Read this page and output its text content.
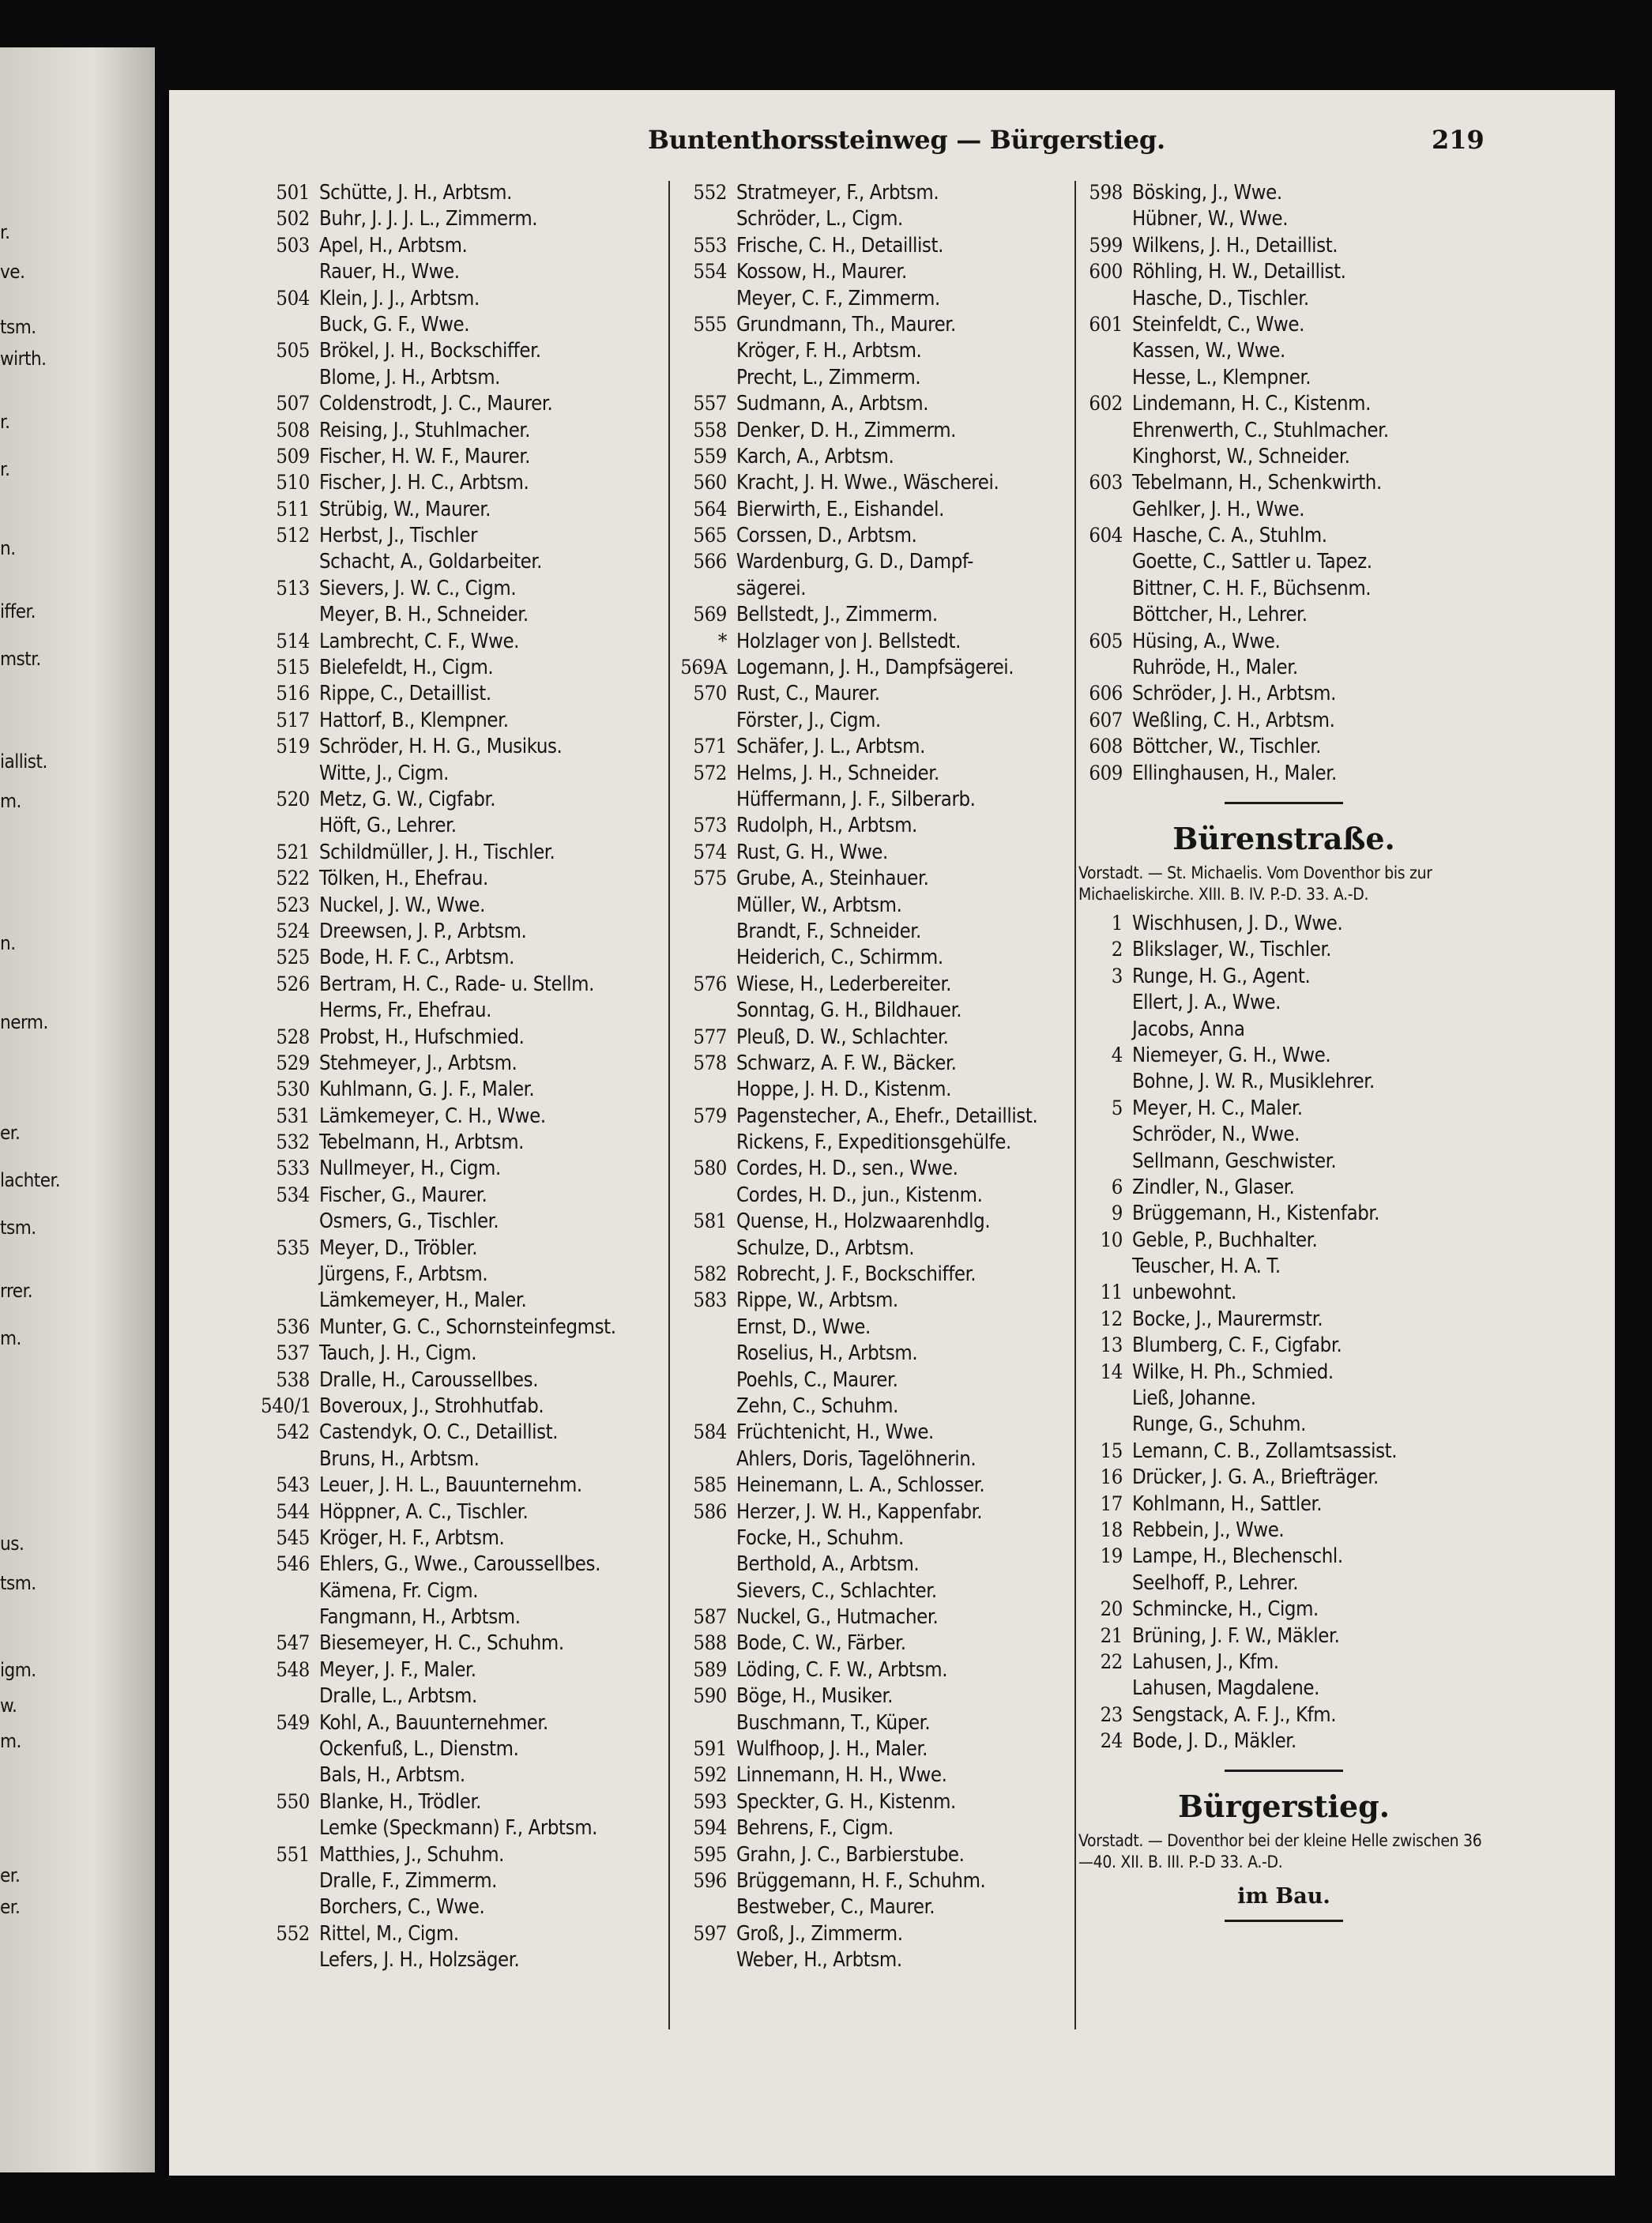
r.
ve.
tsm.
wirth.
r.
r.
n.
iffer.
mstr.
iallist.
m.
n.
nerm.
er.
lachter.
tsm.
rrer.
m.
us.
tsm.
igm.
w.
m.
er.
er.
Buntenthorssteinweg — Bürgerstieg.	219
501 Schütte, J. H., Arbtsm.
502 Buhr, J. J. J. L., Zimmerm.
503 Apel, H., Arbtsm.
Rauer, H., Wwe.
504 Klein, J. J., Arbtsm.
Buck, G. F., Wwe.
505 Brökel, J. H., Bockschiffer.
Blome, J. H., Arbtsm.
507 Coldenstrodt, J. C., Maurer.
508 Reising, J., Stuhlmacher.
509 Fischer, H. W. F., Maurer.
510 Fischer, J. H. C., Arbtsm.
511 Strübig, W., Maurer.
512 Herbst, J., Tischler
Schacht, A., Goldarbeiter.
513 Sievers, J. W. C., Cigm.
Meyer, B. H., Schneider.
514 Lambrecht, C. F., Wwe.
515 Bielefeldt, H., Cigm.
516 Rippe, C., Detaillist.
517 Hattorf, B., Klempner.
519 Schröder, H. H. G., Musikus.
Witte, J., Cigm.
520 Metz, G. W., Cigfabr.
Höft, G., Lehrer.
521 Schildmüller, J. H., Tischler.
522 Tölken, H., Ehefrau.
523 Nuckel, J. W., Wwe.
524 Dreewsen, J. P., Arbtsm.
525 Bode, H. F. C., Arbtsm.
526 Bertram, H. C., Rade- u. Stellm.
Herms, Fr., Ehefrau.
528 Probst, H., Hufschmied.
529 Stehmeyer, J., Arbtsm.
530 Kuhlmann, G. J. F., Maler.
531 Lämkemeyer, C. H., Wwe.
532 Tebelmann, H., Arbtsm.
533 Nullmeyer, H., Cigm.
534 Fischer, G., Maurer.
Osmers, G., Tischler.
535 Meyer, D., Tröbler.
Jürgens, F., Arbtsm.
Lämkemeyer, H., Maler.
536 Munter, G. C., Schornsteinfegmst.
537 Tauch, J. H., Cigm.
538 Dralle, H., Caroussellbes.
540/1 Boveroux, J., Strohhutfab.
542 Castendyk, O. C., Detaillist.
Bruns, H., Arbtsm.
543 Leuer, J. H. L., Bauunternehm.
544 Höppner, A. C., Tischler.
545 Kröger, H. F., Arbtsm.
546 Ehlers, G., Wwe., Caroussellbes.
Kämena, Fr. Cigm.
Fangmann, H., Arbtsm.
547 Biesemeyer, H. C., Schuhm.
548 Meyer, J. F., Maler.
Dralle, L., Arbtsm.
549 Kohl, A., Bauunternehmer.
Ockenfuß, L., Dienstm.
Bals, H., Arbtsm.
550 Blanke, H., Trödler.
Lemke (Speckmann) F., Arbtsm.
551 Matthies, J., Schuhm.
Dralle, F., Zimmerm.
Borchers, C., Wwe.
552 Rittel, M., Cigm.
Lefers, J. H., Holzsäger.
552 Stratmeyer, F., Arbtsm.
Schröder, L., Cigm.
553 Frische, C. H., Detaillist.
554 Kossow, H., Maurer.
Meyer, C. F., Zimmerm.
555 Grundmann, Th., Maurer.
Kröger, F. H., Arbtsm.
Precht, L., Zimmerm.
557 Sudmann, A., Arbtsm.
558 Denker, D. H., Zimmerm.
559 Karch, A., Arbtsm.
560 Kracht, J. H. Wwe., Wäscherei.
564 Bierwirth, E., Eishandel.
565 Corssen, D., Arbtsm.
566 Wardenburg, G. D., Dampf-
sägerei.
569 Bellstedt, J., Zimmerm.
* Holzlager von J. Bellstedt.
569A Logemann, J. H., Dampfsägerei.
570 Rust, C., Maurer.
Förster, J., Cigm.
571 Schäfer, J. L., Arbtsm.
572 Helms, J. H., Schneider.
Hüffermann, J. F., Silberarb.
573 Rudolph, H., Arbtsm.
574 Rust, G. H., Wwe.
575 Grube, A., Steinhauer.
Müller, W., Arbtsm.
Brandt, F., Schneider.
Heiderich, C., Schirmm.
576 Wiese, H., Lederbereiter.
Sonntag, G. H., Bildhauer.
577 Pleuß, D. W., Schlachter.
578 Schwarz, A. F. W., Bäcker.
Hoppe, J. H. D., Kistenm.
579 Pagenstecher, A., Ehefr., Detaillist.
Rickens, F., Expeditionsgehülfe.
580 Cordes, H. D., sen., Wwe.
Cordes, H. D., jun., Kistenm.
581 Quense, H., Holzwaarenhdlg.
Schulze, D., Arbtsm.
582 Robrecht, J. F., Bockschiffer.
583 Rippe, W., Arbtsm.
Ernst, D., Wwe.
Roselius, H., Arbtsm.
Poehls, C., Maurer.
Zehn, C., Schuhm.
584 Früchtenicht, H., Wwe.
Ahlers, Doris, Tagelöhnerin.
585 Heinemann, L. A., Schlosser.
586 Herzer, J. W. H., Kappenfabr.
Focke, H., Schuhm.
Berthold, A., Arbtsm.
Sievers, C., Schlachter.
587 Nuckel, G., Hutmacher.
588 Bode, C. W., Färber.
589 Löding, C. F. W., Arbtsm.
590 Böge, H., Musiker.
Buschmann, T., Küper.
591 Wulfhoop, J. H., Maler.
592 Linnemann, H. H., Wwe.
593 Speckter, G. H., Kistenm.
594 Behrens, F., Cigm.
595 Grahn, J. C., Barbierstube.
596 Brüggemann, H. F., Schuhm.
Bestweber, C., Maurer.
597 Groß, J., Zimmerm.
Weber, H., Arbtsm.
598 Bösking, J., Wwe.
Hübner, W., Wwe.
599 Wilkens, J. H., Detaillist.
600 Röhling, H. W., Detaillist.
Hasche, D., Tischler.
601 Steinfeldt, C., Wwe.
Kassen, W., Wwe.
Hesse, L., Klempner.
602 Lindemann, H. C., Kistenm.
Ehrenwerth, C., Stuhlmacher.
Kinghorst, W., Schneider.
603 Tebelmann, H., Schenkwirth.
Gehlker, J. H., Wwe.
604 Hasche, C. A., Stuhlm.
Goette, C., Sattler u. Tapez.
Bittner, C. H. F., Büchsenm.
Böttcher, H., Lehrer.
605 Hüsing, A., Wwe.
Ruhröde, H., Maler.
606 Schröder, J. H., Arbtsm.
607 Weßling, C. H., Arbtsm.
608 Böttcher, W., Tischler.
609 Ellinghausen, H., Maler.
Bürenstraße.
Vorstadt. — St. Michaelis. Vom Doventhor bis zur Michaeliskirche. XIII. B. IV. P.-D. 33. A.-D.
1 Wischhusen, J. D., Wwe.
2 Blikslager, W., Tischler.
3 Runge, H. G., Agent.
Ellert, J. A., Wwe.
Jacobs, Anna
4 Niemeyer, G. H., Wwe.
Bohne, J. W. R., Musiklehrer.
5 Meyer, H. C., Maler.
Schröder, N., Wwe.
Sellmann, Geschwister.
6 Zindler, N., Glaser.
9 Brüggemann, H., Kistenfabr.
10 Geble, P., Buchhalter.
Teuscher, H. A. T.
11 unbewohnt.
12 Bocke, J., Maurermstr.
13 Blumberg, C. F., Cigfabr.
14 Wilke, H. Ph., Schmied.
Ließ, Johanne.
Runge, G., Schuhm.
15 Lemann, C. B., Zollamtsassist.
16 Drücker, J. G. A., Briefträger.
17 Kohlmann, H., Sattler.
18 Rebbein, J., Wwe.
19 Lampe, H., Blechenschl.
Seelhoff, P., Lehrer.
20 Schmincke, H., Cigm.
21 Brüning, J. F. W., Mäkler.
22 Lahusen, J., Kfm.
Lahusen, Magdalene.
23 Sengstack, A. F. J., Kfm.
24 Bode, J. D., Mäkler.
Bürgerstieg.
Vorstadt. — Doventhor bei der kleine Helle zwischen 36—40. XII. B. III. P.-D 33. A.-D.
im Bau.
